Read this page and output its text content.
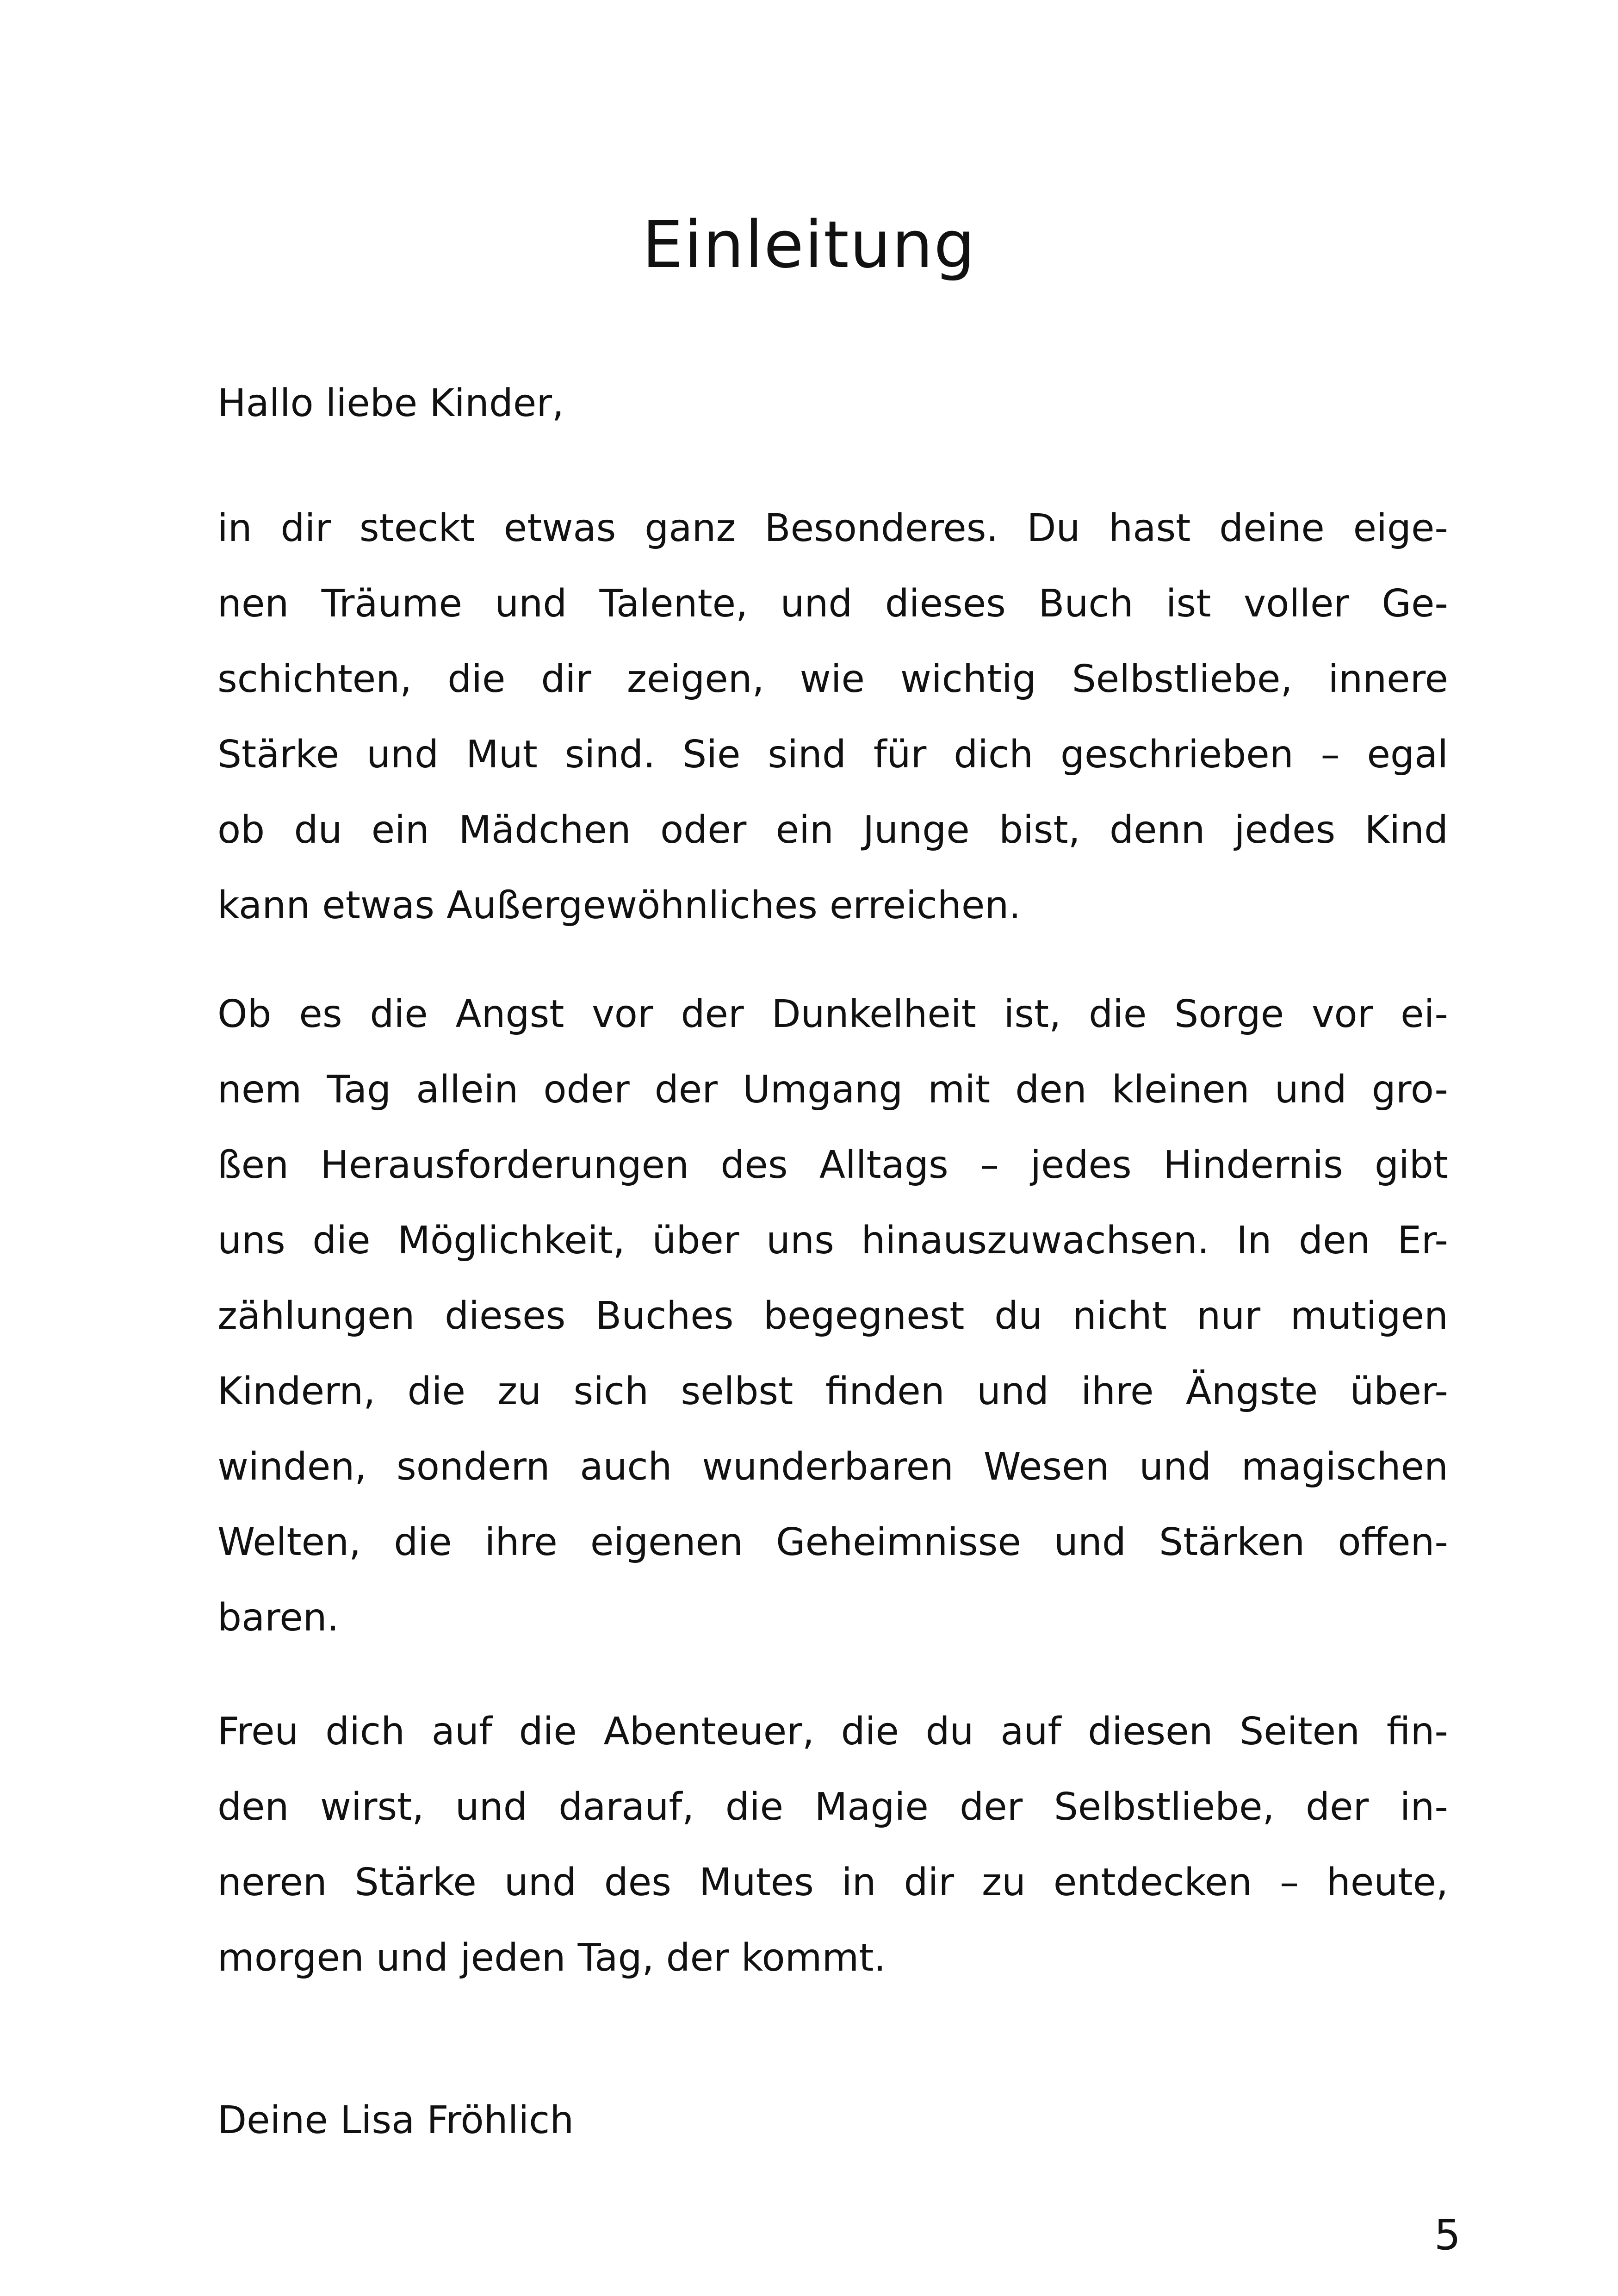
Einleitung

Hallo liebe Kinder,

in dir steckt etwas ganz Besonderes. Du hast deine eige-
nen Träume und Talente, und dieses Buch ist voller Ge-
schichten, die dir zeigen, wie wichtig Selbstliebe, innere
Stärke und Mut sind. Sie sind für dich geschrieben – egal
ob du ein Mädchen oder ein Junge bist, denn jedes Kind
kann etwas Außergewöhnliches erreichen.

Ob es die Angst vor der Dunkelheit ist, die Sorge vor ei-
nem Tag allein oder der Umgang mit den kleinen und gro-
ßen Herausforderungen des Alltags – jedes Hindernis gibt
uns die Möglichkeit, über uns hinauszuwachsen. In den Er-
zählungen dieses Buches begegnest du nicht nur mutigen
Kindern, die zu sich selbst finden und ihre Ängste über-
winden, sondern auch wunderbaren Wesen und magischen
Welten, die ihre eigenen Geheimnisse und Stärken offen-
baren.

Freu dich auf die Abenteuer, die du auf diesen Seiten fin-
den wirst, und darauf, die Magie der Selbstliebe, der in-
neren Stärke und des Mutes in dir zu entdecken – heute,
morgen und jeden Tag, der kommt.

Deine Lisa Fröhlich

5
